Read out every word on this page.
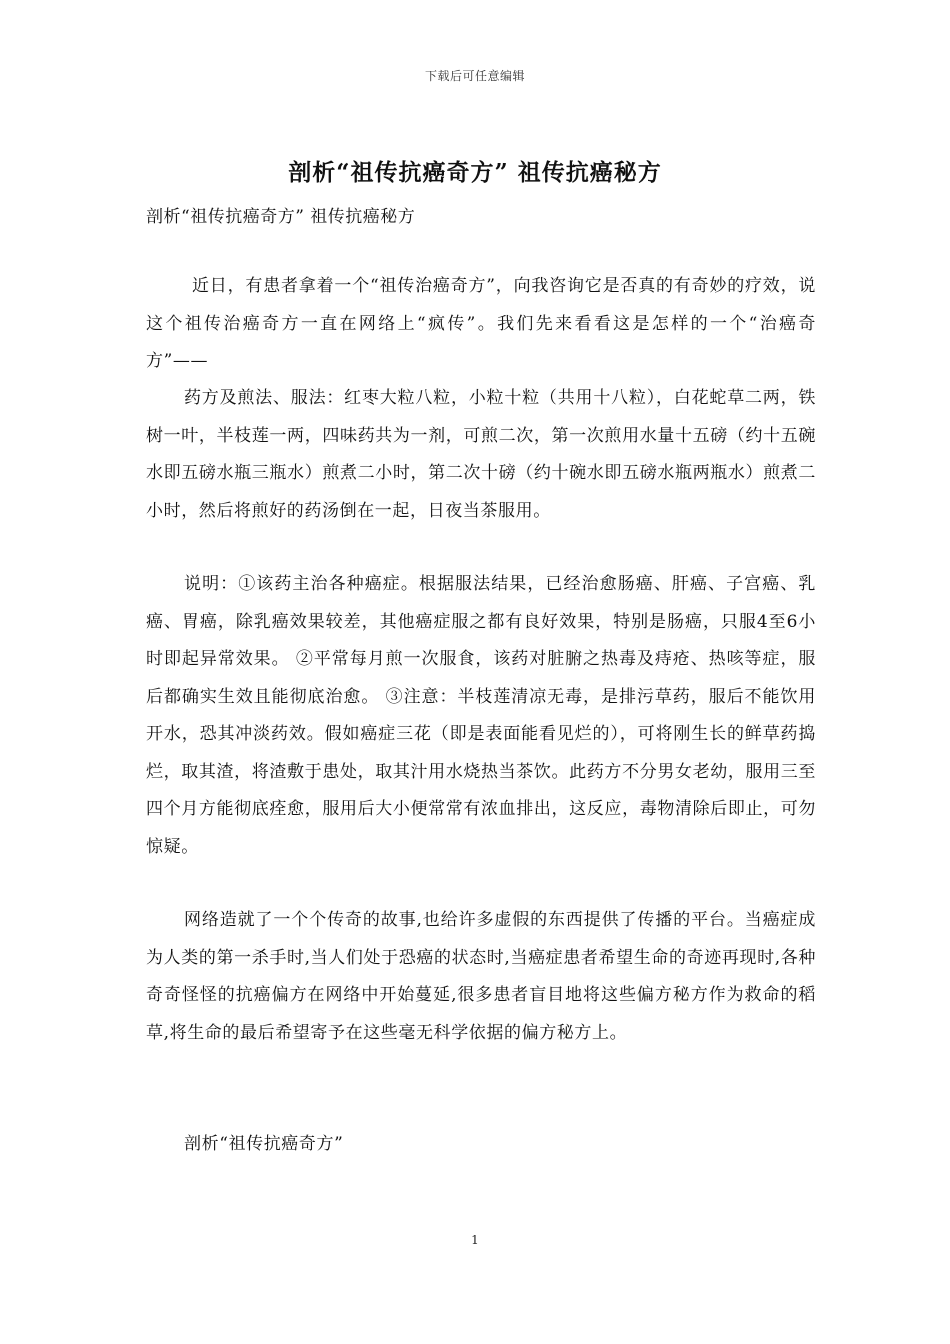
下载后可任意编辑
剖析“祖传抗癌奇方” 祖传抗癌秘方
剖析“祖传抗癌奇方” 祖传抗癌秘方

近日，有患者拿着一个“祖传治癌奇方”，向我咨询它是否真的有奇妙的疗效，说这个祖传治癌奇方一直在网络上“疯传”。我们先来看看这是怎样的一个“治癌奇方”——

药方及煎法、服法：红枣大粒八粒，小粒十粒（共用十八粒），白花蛇草二两，铁树一叶，半枝莲一两，四味药共为一剂，可煎二次，第一次煎用水量十五磅（约十五碗水即五磅水瓶三瓶水）煎煮二小时，第二次十磅（约十碗水即五磅水瓶两瓶水）煎煮二小时，然后将煎好的药汤倒在一起，日夜当茶服用。

说明：①该药主治各种癌症。根据服法结果，已经治愈肠癌、肝癌、子宫癌、乳癌、胃癌，除乳癌效果较差，其他癌症服之都有良好效果，特别是肠癌，只服4至6小时即起异常效果。 ②平常每月煎一次服食，该药对脏腑之热毒及痔疮、热咳等症，服后都确实生效且能彻底治愈。 ③注意：半枝莲清凉无毒，是排污草药，服后不能饮用开水，恐其冲淡药效。假如癌症三花（即是表面能看见烂的），可将刚生长的鲜草药捣烂，取其渣，将渣敷于患处，取其汁用水烧热当茶饮。此药方不分男女老幼，服用三至四个月方能彻底痊愈，服用后大小便常常有浓血排出，这反应，毒物清除后即止，可勿惊疑。

网络造就了一个个传奇的故事,也给许多虚假的东西提供了传播的平台。当癌症成为人类的第一杀手时,当人们处于恐癌的状态时,当癌症患者希望生命的奇迹再现时,各种奇奇怪怪的抗癌偏方在网络中开始蔓延,很多患者盲目地将这些偏方秘方作为救命的稻草,将生命的最后希望寄予在这些毫无科学依据的偏方秘方上。

剖析“祖传抗癌奇方”

1
